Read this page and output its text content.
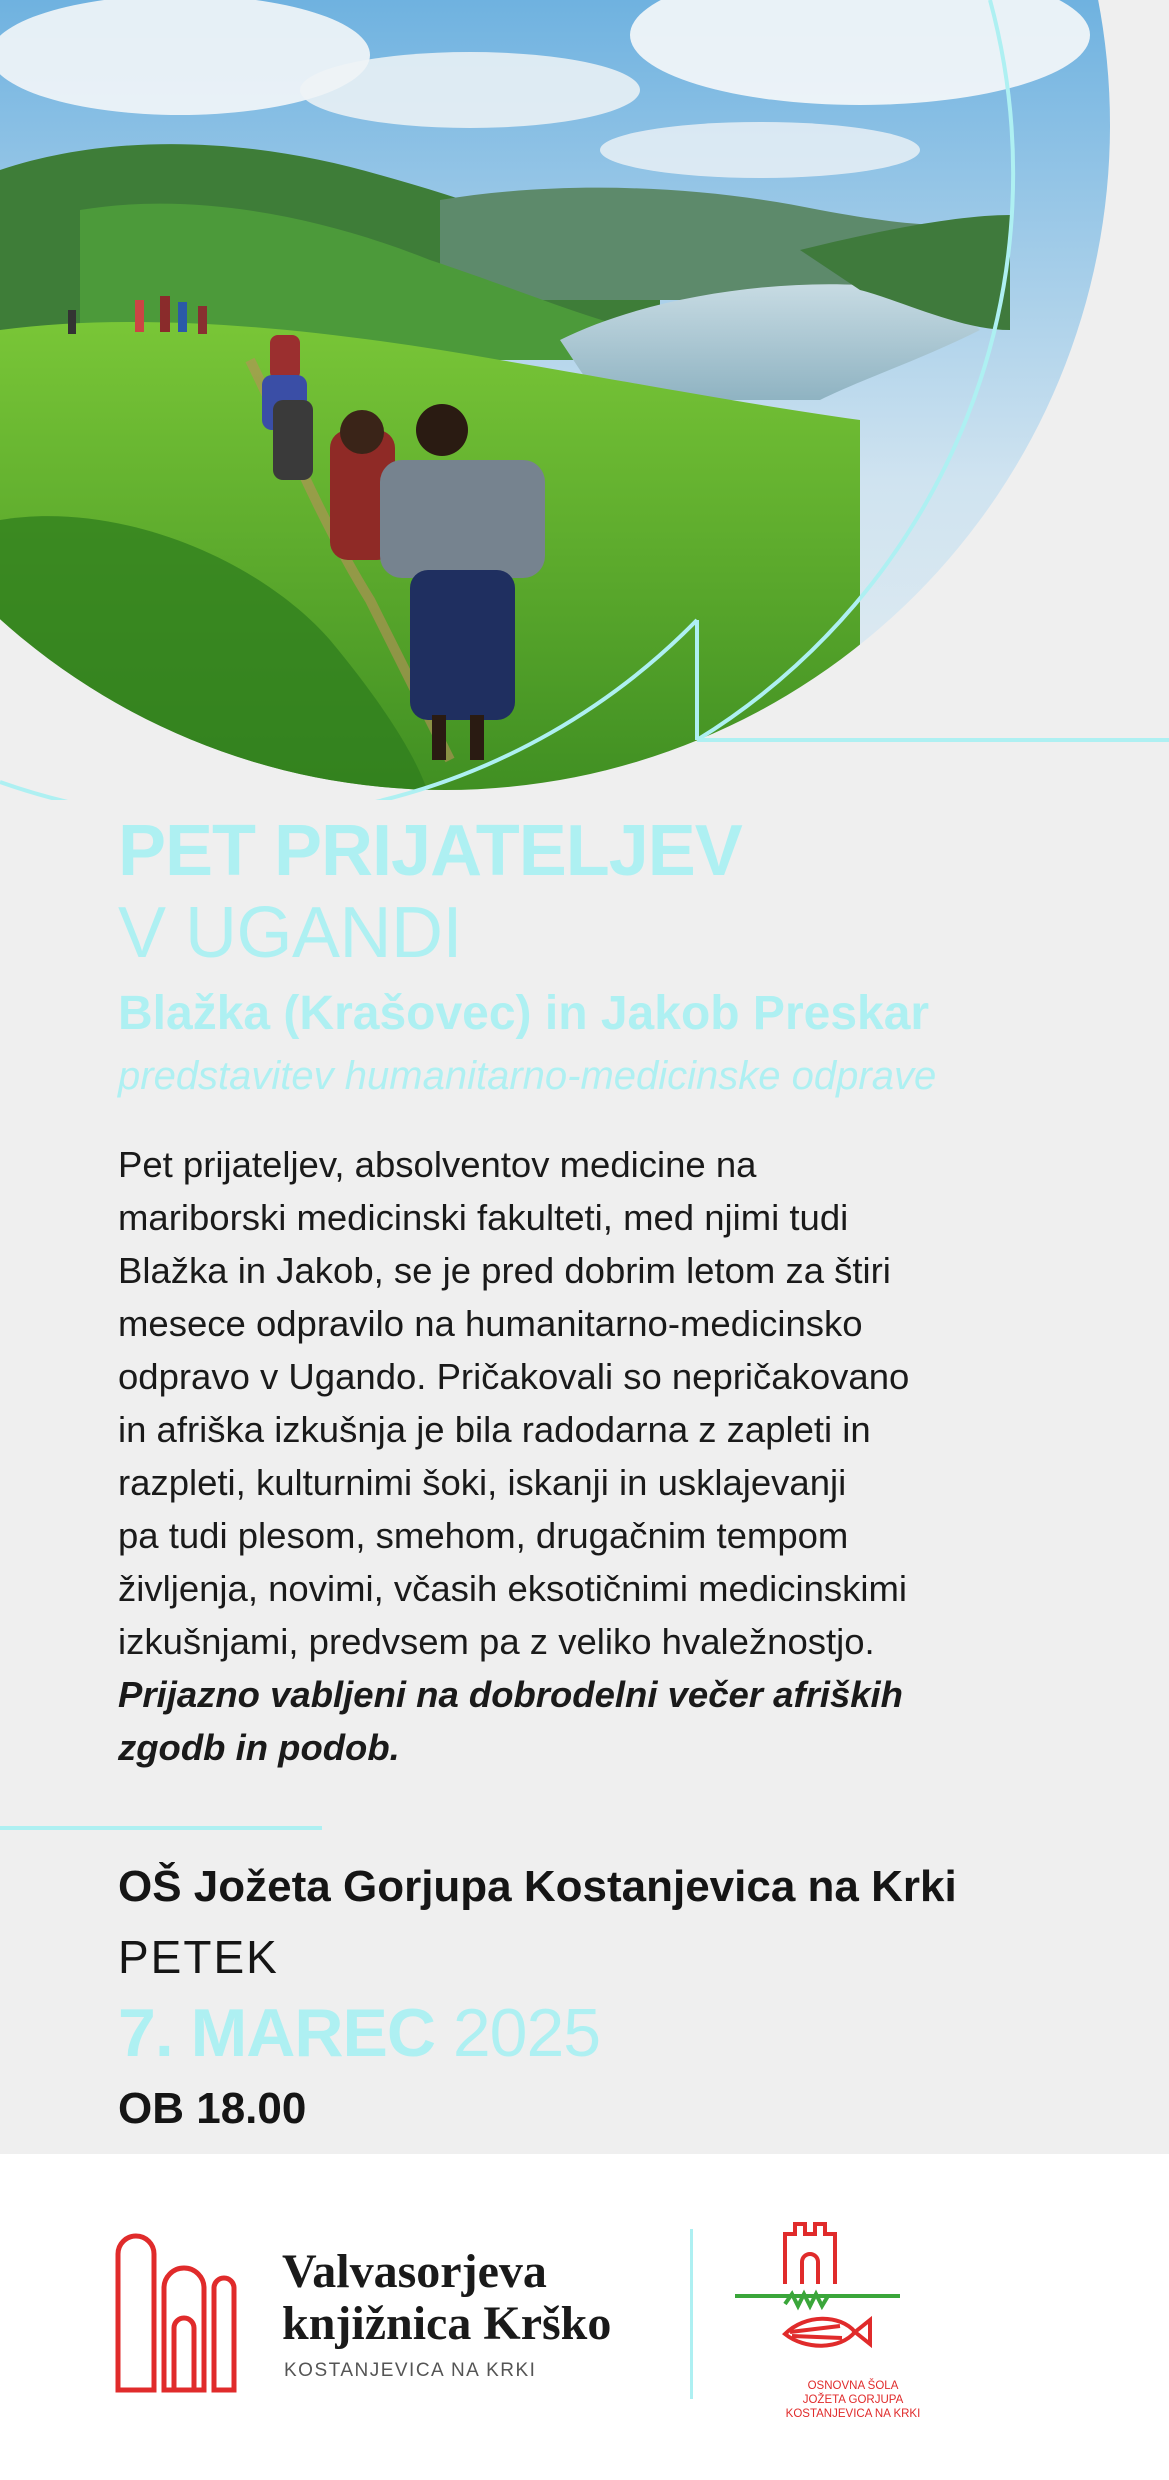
PET PRIJATELJEV
V UGANDI
Blažka (Krašovec) in Jakob Preskar
predstavitev humanitarno-medicinske odprave

Pet prijateljev, absolventov medicine na

mariborski medicinski fakulteti, med njimi tudi

Blažka in Jakob, se je pred dobrim letom za štiri

mesece odpravilo na humanitarno-medicinsko

odpravo v Ugando. Pričakovali so nepričakovano

in afriška izkušnja je bila radodarna z zapleti in

razpleti, kulturnimi šoki, iskanji in usklajevanji

pa tudi plesom, smehom, drugačnim tempom

življenja, novimi, včasih eksotičnimi medicinskimi

izkušnjami, predvsem pa z veliko hvaležnostjo.

Prijazno vabljeni na dobrodelni večer afriških

zgodb in podob.

OŠ Jožeta Gorjupa Kostanjevica na Krki
PETEK
7. MAREC 2025
OB 18.00
Valvasorjeva
knjižnica Krško
KOSTANJEVICA NA KRKI
OSNOVNA ŠOLA
JOŽETA GORJUPA
KOSTANJEVICA NA KRKI
